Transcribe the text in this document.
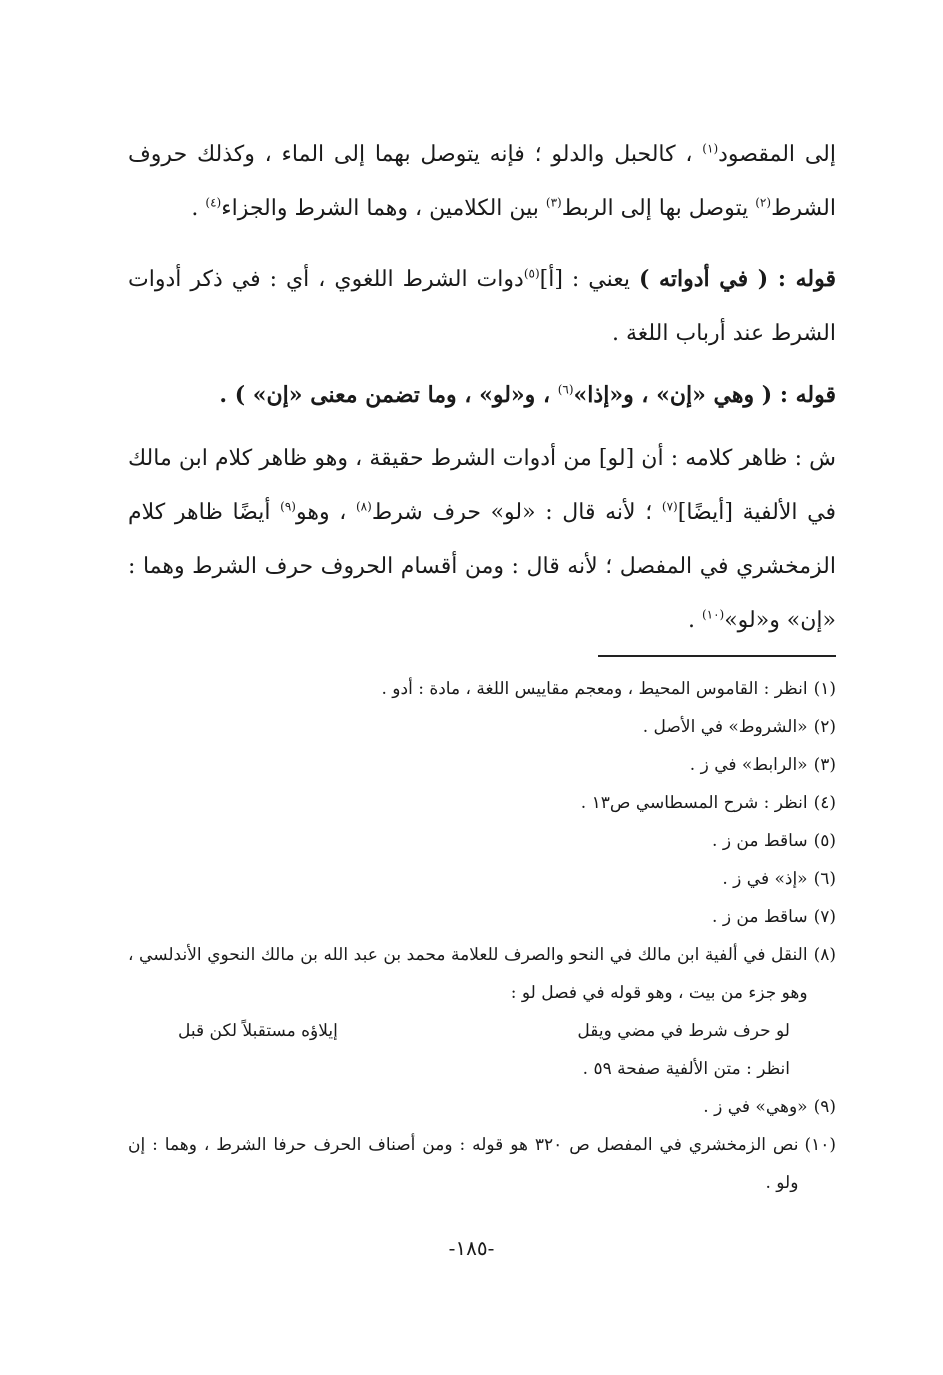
إلى المقصود$^{(١)}$ ، كالحبل والدلو ؛ فإنه يتوصل بهما إلى الماء ، وكذلك حروف الشرط$^{(٢)}$ يتوصل بها إلى الربط$^{(٣)}$ بين الكلامين ، وهما الشرط والجزاء$^{(٤)}$ .

قوله : ( في أدواته ) يعني : [أ]$^{(٥)}$دوات الشرط اللغوي ، أي : في ذكر أدوات الشرط عند أرباب اللغة .

قوله : ( وهي «إن» ، و«إذا»$^{(٦)}$ ، و«لو» ، وما تضمن معنى «إن» ) .

ش : ظاهر كلامه : أن [لو] من أدوات الشرط حقيقة ، وهو ظاهر كلام ابن مالك في الألفية [أيضًا]$^{(٧)}$ ؛ لأنه قال : «لو» حرف شرط$^{(٨)}$ ، وهو$^{(٩)}$ أيضًا ظاهر كلام الزمخشري في المفصل ؛ لأنه قال : ومن أقسام الحروف حرف الشرط وهما : «إن» و«لو»$^{(١٠)}$ .

(١)
انظر : القاموس المحيط ، ومعجم مقاييس اللغة ، مادة : أدو .
(٢)
«الشروط» في الأصل .
(٣)
«الرابط» في ز .
(٤)
انظر : شرح المسطاسي ص١٣ .
(٥)
ساقط من ز .
(٦)
«إذ» في ز .
(٧)
ساقط من ز .
(٨)
النقل في ألفية ابن مالك في النحو والصرف للعلامة محمد بن عبد الله بن مالك النحوي الأندلسي ، وهو جزء من بيت ، وهو قوله في فصل لو :
لو حرف شرط في مضي ويقل
إيلاؤه مستقبلاً لكن قبل
انظر : متن الألفية صفحة ٥٩ .
(٩)
«وهي» في ز .
(١٠)
نص الزمخشري في المفصل ص ٣٢٠ هو قوله : ومن أصناف الحرف حرفا الشرط ، وهما : إن ولو .
-١٨٥-
